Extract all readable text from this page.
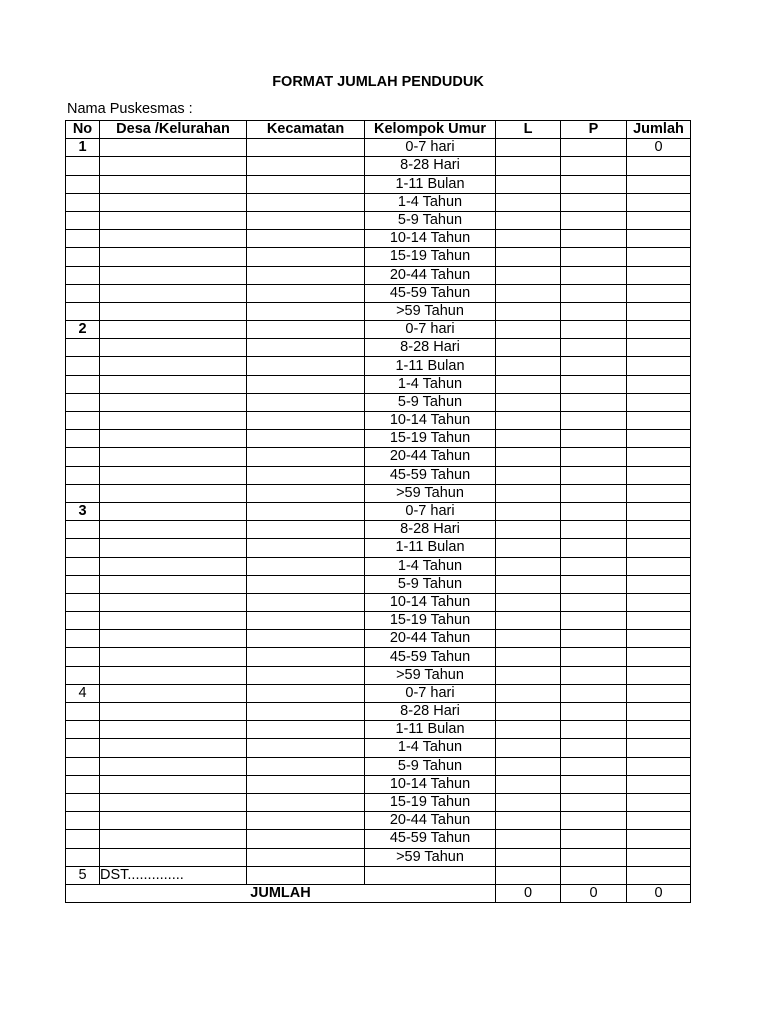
FORMAT JUMLAH PENDUDUK
Nama Puskesmas :
No	Desa /Kelurahan	Kecamatan	Kelompok Umur	L	P	Jumlah
1			0-7 hari			0
			8-28 Hari			
			1-11 Bulan			
			1-4 Tahun			
			5-9 Tahun			
			10-14 Tahun			
			15-19 Tahun			
			20-44 Tahun			
			45-59 Tahun			
			>59 Tahun			
2			0-7 hari			
			8-28 Hari			
			1-11 Bulan			
			1-4 Tahun			
			5-9 Tahun			
			10-14 Tahun			
			15-19 Tahun			
			20-44 Tahun			
			45-59 Tahun			
			>59 Tahun			
3			0-7 hari			
			8-28 Hari			
			1-11 Bulan			
			1-4 Tahun			
			5-9 Tahun			
			10-14 Tahun			
			15-19 Tahun			
			20-44 Tahun			
			45-59 Tahun			
			>59 Tahun			
4			0-7 hari			
			8-28 Hari			
			1-11 Bulan			
			1-4 Tahun			
			5-9 Tahun			
			10-14 Tahun			
			15-19 Tahun			
			20-44 Tahun			
			45-59 Tahun			
			>59 Tahun			
5	DST..............					
JUMLAH				0	0	0
